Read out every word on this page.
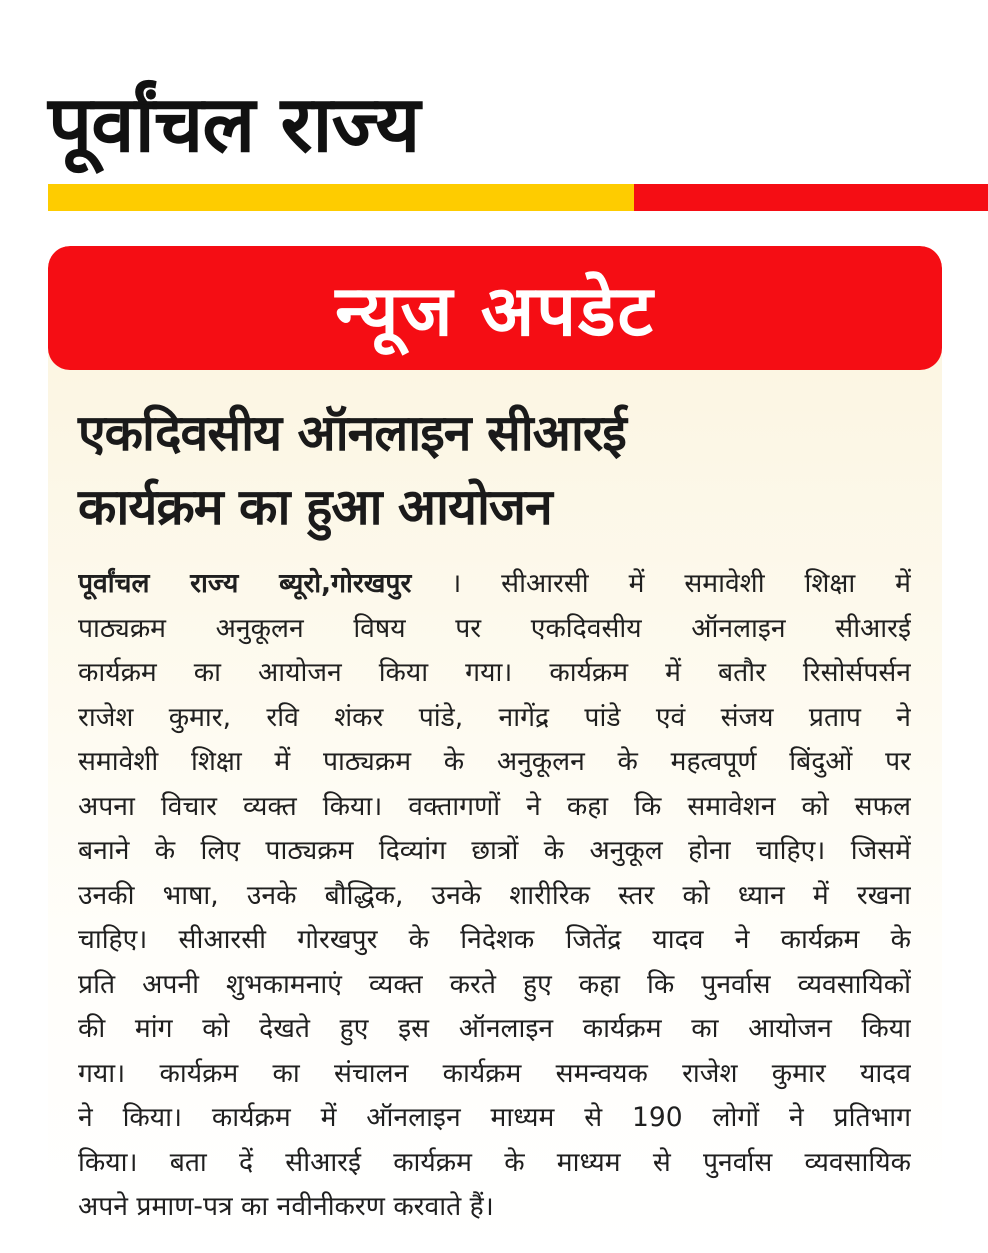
पूर्वांचल राज्य
न्यूज अपडेट
एकदिवसीय ऑनलाइन सीआरई
कार्यक्रम का हुआ आयोजन
पूर्वांचल राज्य ब्यूरो,गोरखपुर । सीआरसी में समावेशी शिक्षा में
पाठ्यक्रम अनुकूलन विषय पर एकदिवसीय ऑनलाइन सीआरई
कार्यक्रम का आयोजन किया गया। कार्यक्रम में बतौर रिसोर्सपर्सन
राजेश कुमार, रवि शंकर पांडे, नागेंद्र पांडे एवं संजय प्रताप ने
समावेशी शिक्षा में पाठ्यक्रम के अनुकूलन के महत्वपूर्ण बिंदुओं पर
अपना विचार व्यक्त किया। वक्तागणों ने कहा कि समावेशन को सफल
बनाने के लिए पाठ्यक्रम दिव्यांग छात्रों के अनुकूल होना चाहिए। जिसमें
उनकी भाषा, उनके बौद्धिक, उनके शारीरिक स्तर को ध्यान में रखना
चाहिए। सीआरसी गोरखपुर के निदेशक जितेंद्र यादव ने कार्यक्रम के
प्रति अपनी शुभकामनाएं व्यक्त करते हुए कहा कि पुनर्वास व्यवसायिकों
की मांग को देखते हुए इस ऑनलाइन कार्यक्रम का आयोजन किया
गया। कार्यक्रम का संचालन कार्यक्रम समन्वयक राजेश कुमार यादव
ने किया। कार्यक्रम में ऑनलाइन माध्यम से 190 लोगों ने प्रतिभाग
किया। बता दें सीआरई कार्यक्रम के माध्यम से पुनर्वास व्यवसायिक
अपने प्रमाण-पत्र का नवीनीकरण करवाते हैं।
